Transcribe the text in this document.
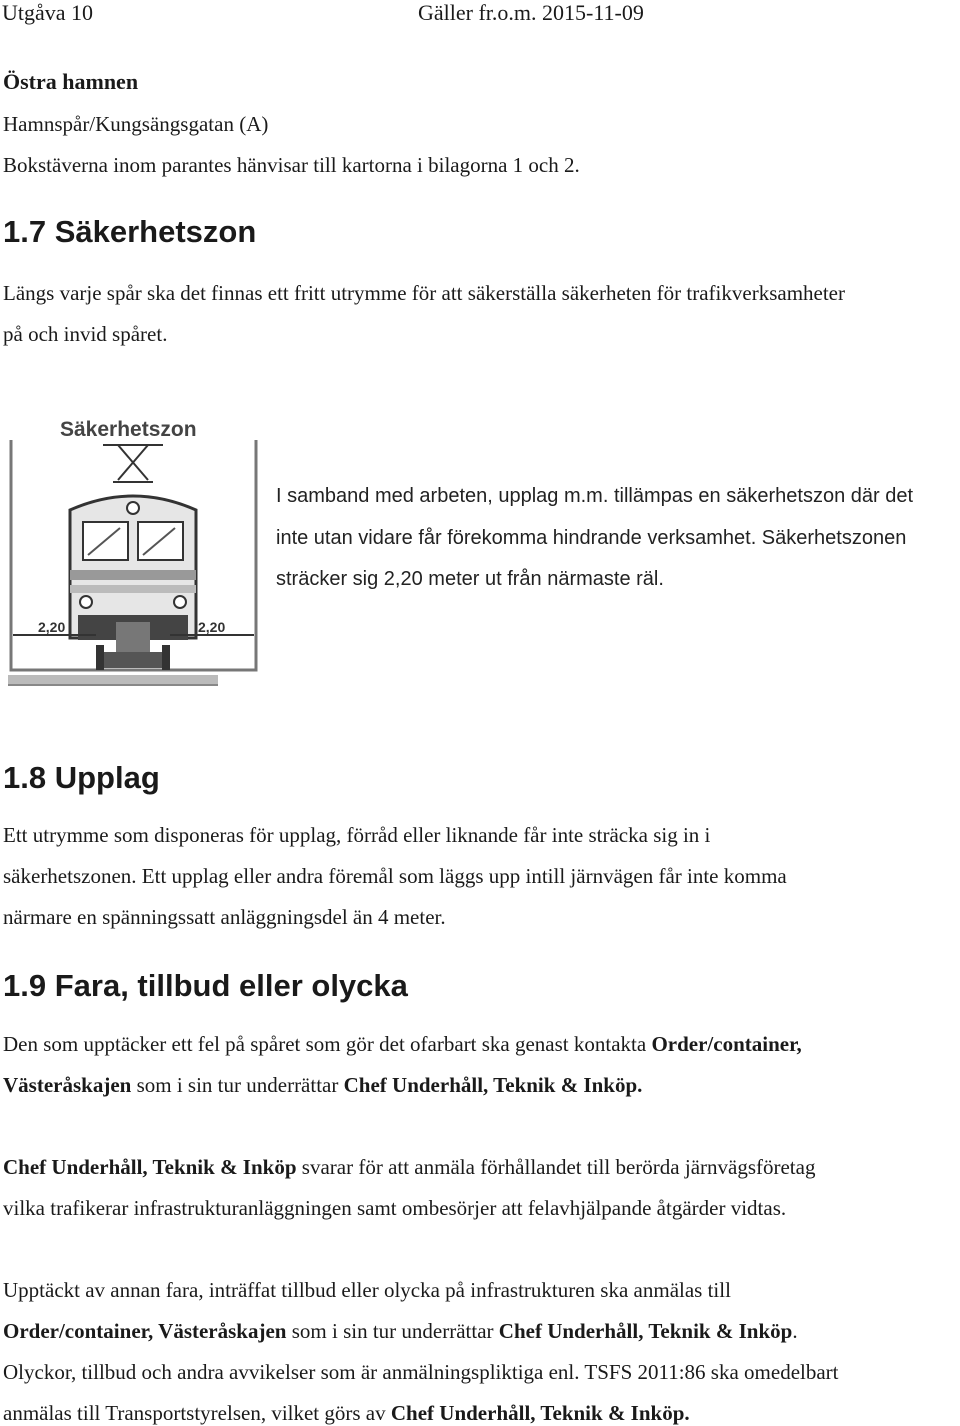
Utgåva 10	Gäller fr.o.m. 2015-11-09
Östra hamnen
Hamnspår/Kungsängsgatan (A)
Bokstäverna inom parantes hänvisar till kartorna i bilagorna 1 och 2.
1.7 Säkerhetszon
Längs varje spår ska det finnas ett fritt utrymme för att säkerställa säkerheten för trafikverksamheter
på och invid spåret.
Säkerhetszon
2,20	2,20
I samband med arbeten, upplag m.m. tillämpas en säkerhetszon där det
inte utan vidare får förekomma hindrande verksamhet. Säkerhetszonen
sträcker sig 2,20 meter ut från närmaste räl.
1.8 Upplag
Ett utrymme som disponeras för upplag, förråd eller liknande får inte sträcka sig in i
säkerhetszonen. Ett upplag eller andra föremål som läggs upp intill järnvägen får inte komma
närmare en spänningssatt anläggningsdel än 4 meter.
1.9 Fara, tillbud eller olycka
Den som upptäcker ett fel på spåret som gör det ofarbart ska genast kontakta Order/container,
Västeråskajen som i sin tur underrättar Chef Underhåll, Teknik & Inköp.
Chef Underhåll, Teknik & Inköp svarar för att anmäla förhållandet till berörda järnvägsföretag
vilka trafikerar infrastrukturanläggningen samt ombesörjer att felavhjälpande åtgärder vidtas.
Upptäckt av annan fara, inträffat tillbud eller olycka på infrastrukturen ska anmälas till
Order/container, Västeråskajen som i sin tur underrättar Chef Underhåll, Teknik & Inköp.
Olyckor, tillbud och andra avvikelser som är anmälningspliktiga enl. TSFS 2011:86 ska omedelbart
anmälas till Transportstyrelsen, vilket görs av Chef Underhåll, Teknik & Inköp.
